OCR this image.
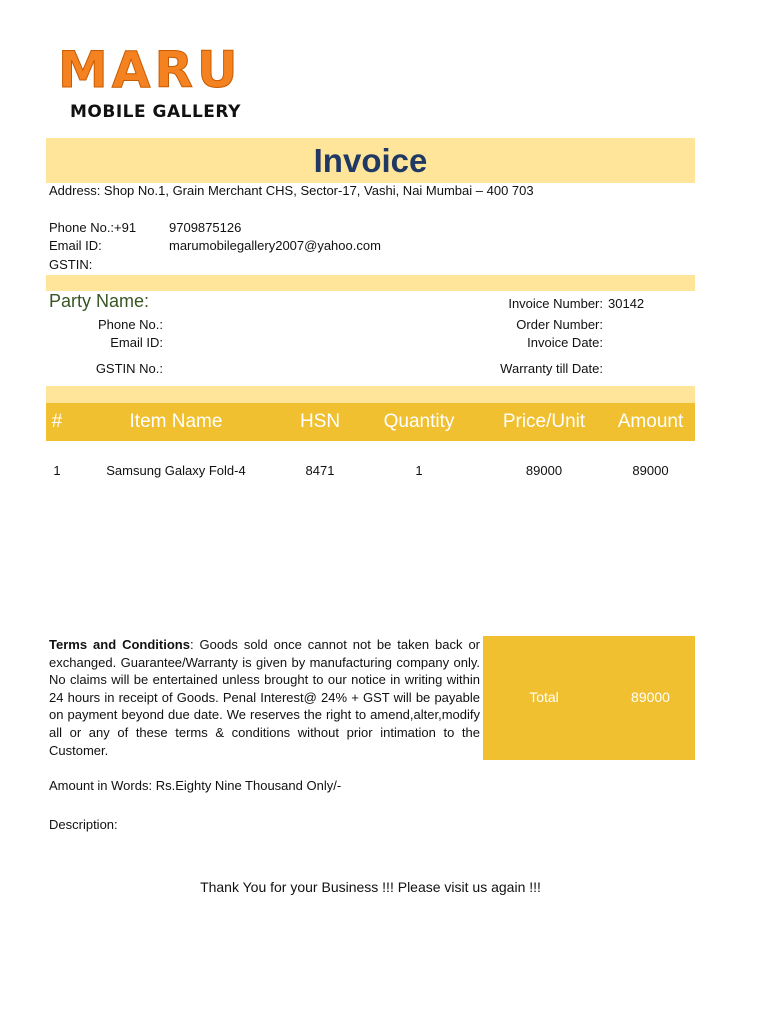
MARU
MOBILE GALLERY
Invoice
Address: Shop No.1, Grain Merchant CHS, Sector-17, Vashi, Nai Mumbai – 400 703
Phone No.:+91	9709875126
Email ID:	marumobilegallery2007@yahoo.com
GSTIN:
Party Name:
Phone No.:
Email ID:
GSTIN No.:
Invoice Number: 30142
Order Number:
Invoice Date:
Warranty till Date:
#	Item Name	HSN	Quantity	Price/Unit	Amount
1	Samsung Galaxy Fold-4	8471	1	89000	89000
Terms and Conditions: Goods sold once cannot not be taken back or exchanged. Guarantee/Warranty is given by manufacturing company only. No claims will be entertained unless brought to our notice in writing within 24 hours in receipt of Goods. Penal Interest@ 24% + GST will be payable on payment beyond due date. We reserves the right to amend,alter,modify all or any of these terms & conditions without prior intimation to the Customer.
Total	89000
Amount in Words: Rs.Eighty Nine Thousand Only/-
Description:
Thank You for your Business !!! Please visit us again !!!
